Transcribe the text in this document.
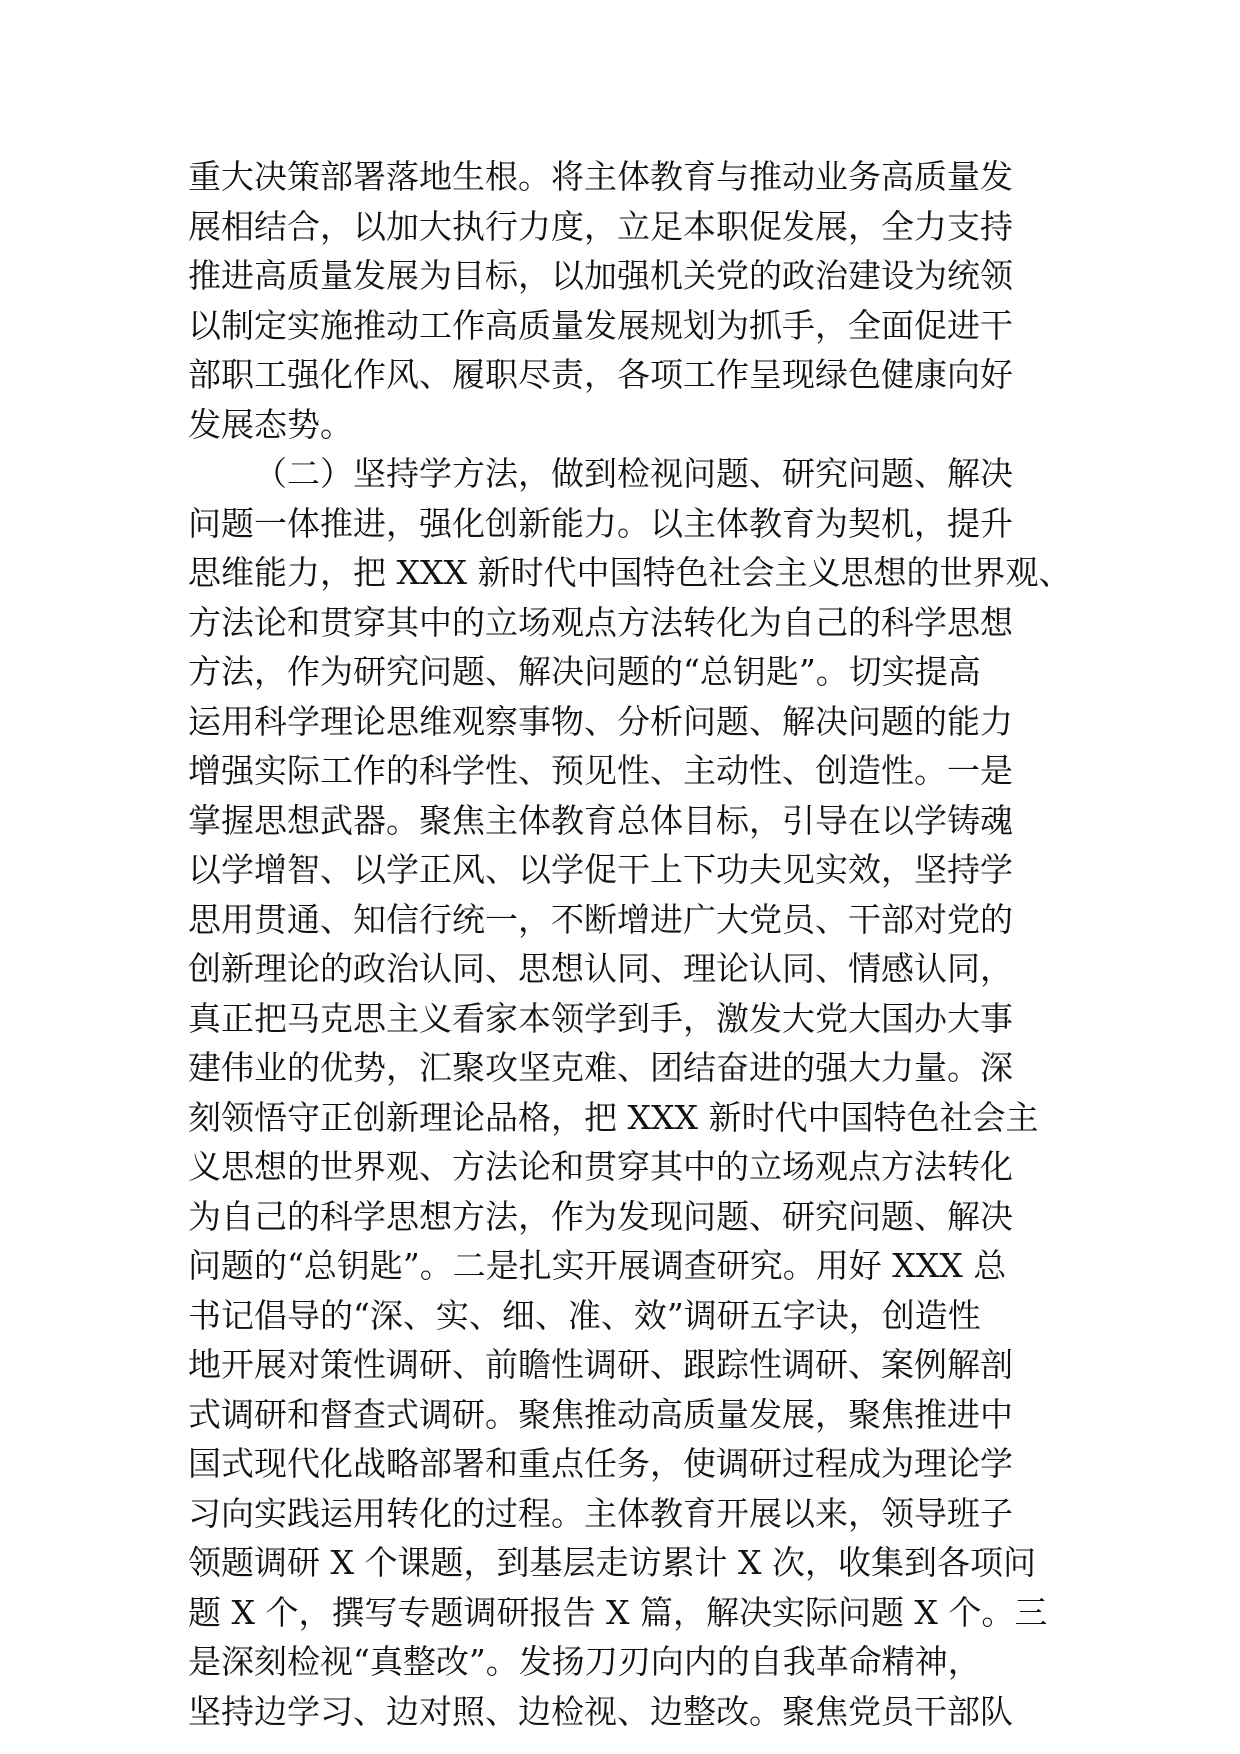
重大决策部署落地生根。将主体教育与推动业务高质量发
展相结合，以加大执行力度，立足本职促发展，全力支持
推进高质量发展为目标，以加强机关党的政治建设为统领
以制定实施推动工作高质量发展规划为抓手，全面促进干
部职工强化作风、履职尽责，各项工作呈现绿色健康向好
发展态势。
（二）坚持学方法，做到检视问题、研究问题、解决
问题一体推进，强化创新能力。以主体教育为契机，提升
思维能力，把 XXX 新时代中国特色社会主义思想的世界观、
方法论和贯穿其中的立场观点方法转化为自己的科学思想
方法，作为研究问题、解决问题的“总钥匙”。切实提高
运用科学理论思维观察事物、分析问题、解决问题的能力
增强实际工作的科学性、预见性、主动性、创造性。一是
掌握思想武器。聚焦主体教育总体目标，引导在以学铸魂
以学增智、以学正风、以学促干上下功夫见实效，坚持学
思用贯通、知信行统一，不断增进广大党员、干部对党的
创新理论的政治认同、思想认同、理论认同、情感认同，
真正把马克思主义看家本领学到手，激发大党大国办大事
建伟业的优势，汇聚攻坚克难、团结奋进的强大力量。深
刻领悟守正创新理论品格，把 XXX 新时代中国特色社会主
义思想的世界观、方法论和贯穿其中的立场观点方法转化
为自己的科学思想方法，作为发现问题、研究问题、解决
问题的“总钥匙”。二是扎实开展调查研究。用好 XXX 总
书记倡导的“深、实、细、准、效”调研五字诀，创造性
地开展对策性调研、前瞻性调研、跟踪性调研、案例解剖
式调研和督查式调研。聚焦推动高质量发展，聚焦推进中
国式现代化战略部署和重点任务，使调研过程成为理论学
习向实践运用转化的过程。主体教育开展以来，领导班子
领题调研 X 个课题，到基层走访累计 X 次，收集到各项问
题 X 个，撰写专题调研报告 X 篇，解决实际问题 X 个。三
是深刻检视“真整改”。发扬刀刃向内的自我革命精神，
坚持边学习、边对照、边检视、边整改。聚焦党员干部队
